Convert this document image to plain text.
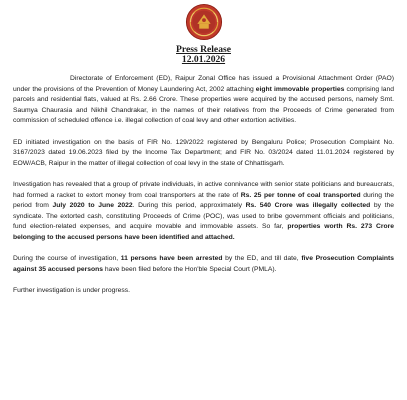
Press Release
12.01.2026

Directorate of Enforcement (ED), Raipur Zonal Office has issued a Provisional Attachment Order (PAO) under the provisions of the Prevention of Money Laundering Act, 2002 attaching eight immovable properties comprising land parcels and residential flats, valued at Rs. 2.66 Crore. These properties were acquired by the accused persons, namely Smt. Saumya Chaurasia and Nikhil Chandrakar, in the names of their relatives from the Proceeds of Crime generated from commission of scheduled offence i.e. illegal collection of coal levy and other extortion activities.

ED initiated investigation on the basis of FIR No. 129/2022 registered by Bengaluru Police; Prosecution Complaint No. 3167/2023 dated 19.06.2023 filed by the Income Tax Department; and FIR No. 03/2024 dated 11.01.2024 registered by EOW/ACB, Raipur in the matter of illegal collection of coal levy in the state of Chhattisgarh.

Investigation has revealed that a group of private individuals, in active connivance with senior state politicians and bureaucrats, had formed a racket to extort money from coal transporters at the rate of Rs. 25 per tonne of coal transported during the period from July 2020 to June 2022. During this period, approximately Rs. 540 Crore was illegally collected by the syndicate. The extorted cash, constituting Proceeds of Crime (POC), was used to bribe government officials and politicians, fund election-related expenses, and acquire movable and immovable assets. So far, properties worth Rs. 273 Crore belonging to the accused persons have been identified and attached.

During the course of investigation, 11 persons have been arrested by the ED, and till date, five Prosecution Complaints against 35 accused persons have been filed before the Hon'ble Special Court (PMLA).

Further investigation is under progress.
